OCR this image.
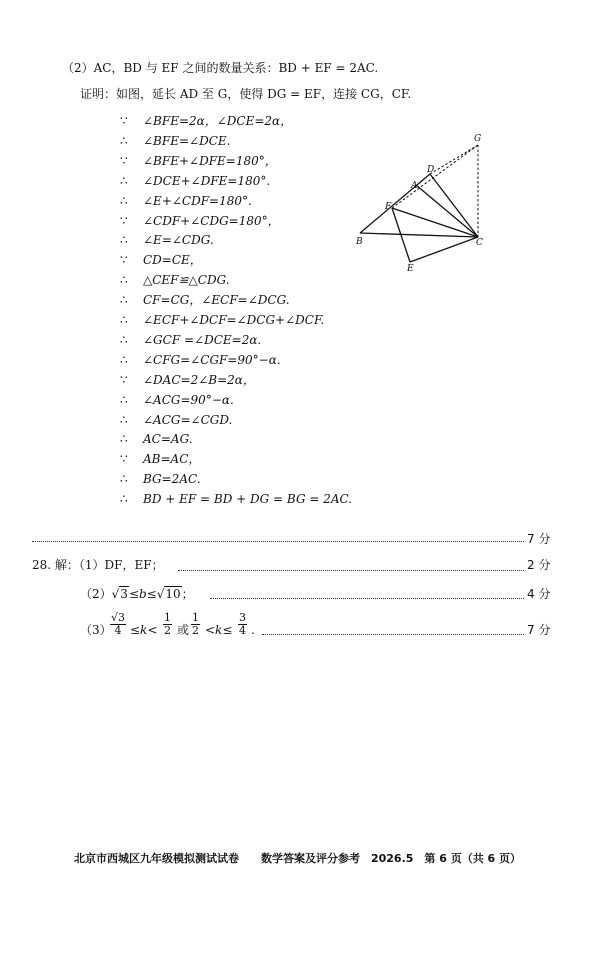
（2）AC，BD 与 EF 之间的数量关系：BD + EF = 2AC.
证明：如图，延长 AD 至 G，使得 DG = EF，连接 CG，CF.
∵ ∠BFE=2α，∠DCE=2α，
∴ ∠BFE=∠DCE.
∵ ∠BFE+∠DFE=180°，
∴ ∠DCE+∠DFE=180°.
∴ ∠E+∠CDF=180°.
∵ ∠CDF+∠CDG=180°，
∴ ∠E=∠CDG.
∵ CD=CE，
∴ △CEF≌△CDG.
∴ CF=CG，∠ECF=∠DCG.
∴ ∠ECF+∠DCF=∠DCG+∠DCF.
∴ ∠GCF =∠DCE=2α.
∴ ∠CFG=∠CGF=90°−α.
∵ ∠DAC=2∠B=2α，
∴ ∠ACG=90°−α.
∴ ∠ACG=∠CGD.
∴ AC=AG.
∵ AB=AC，
∴ BG=2AC.
∴ BD + EF = BD + DG = BG = 2AC.
G
D
A
F
B	C
E
7 分
28. 解：（1）DF，EF；	2 分
（2）√3≤b≤√10；	4 分
（3）
$\frac{√3}{4} \le k< \frac{1}{2}$ 或 $\frac{1}{2} <k\le \frac{3}{4}$ .	7 分
北京市西城区九年级模拟测试试卷　　数学答案及评分参考　2026.5　第 6 页（共 6 页）
